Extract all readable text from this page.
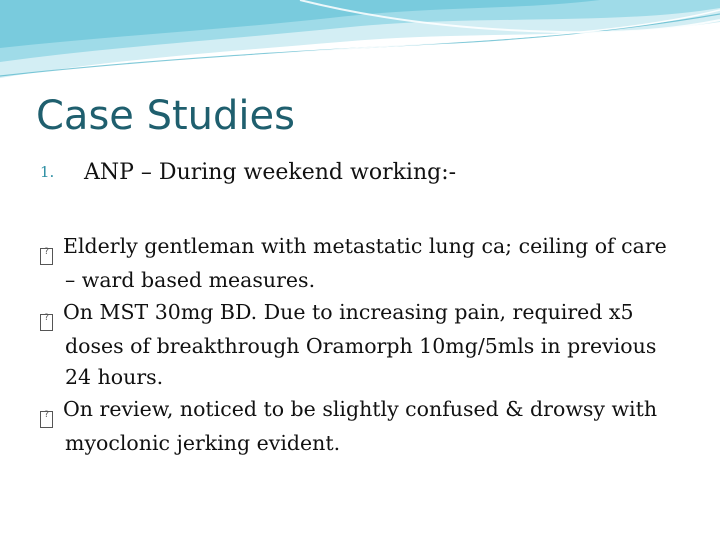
Case Studies
1. ANP – During weekend working:-
? Elderly gentleman with metastatic lung ca; ceiling of care – ward based measures.
? On MST 30mg BD. Due to increasing pain, required x5 doses of breakthrough Oramorph 10mg/5mls in previous 24 hours.
? On review, noticed to be slightly confused & drowsy with myoclonic jerking evident.
